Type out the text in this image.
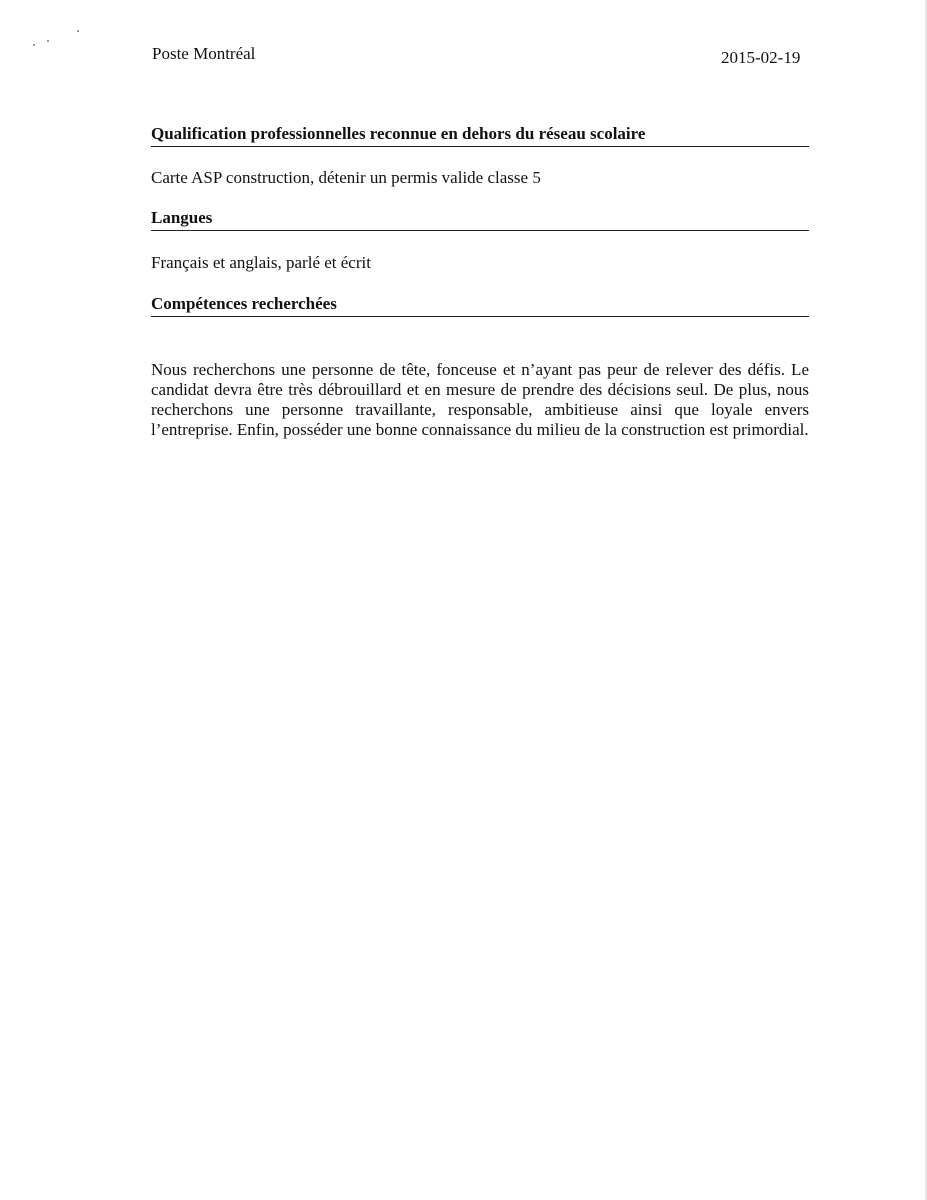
Poste Montréal	2015-02-19
Qualification professionnelles reconnue en dehors du réseau scolaire
Carte ASP construction, détenir un permis valide classe 5
Langues
Français et anglais, parlé et écrit
Compétences recherchées
Nous recherchons une personne de tête, fonceuse et n’ayant pas peur de relever des défis. Le candidat devra être très débrouillard et en mesure de prendre des décisions seul. De plus, nous recherchons une personne travaillante, responsable, ambitieuse ainsi que loyale envers l’entreprise. Enfin, posséder une bonne connaissance du milieu de la construction est primordial.
